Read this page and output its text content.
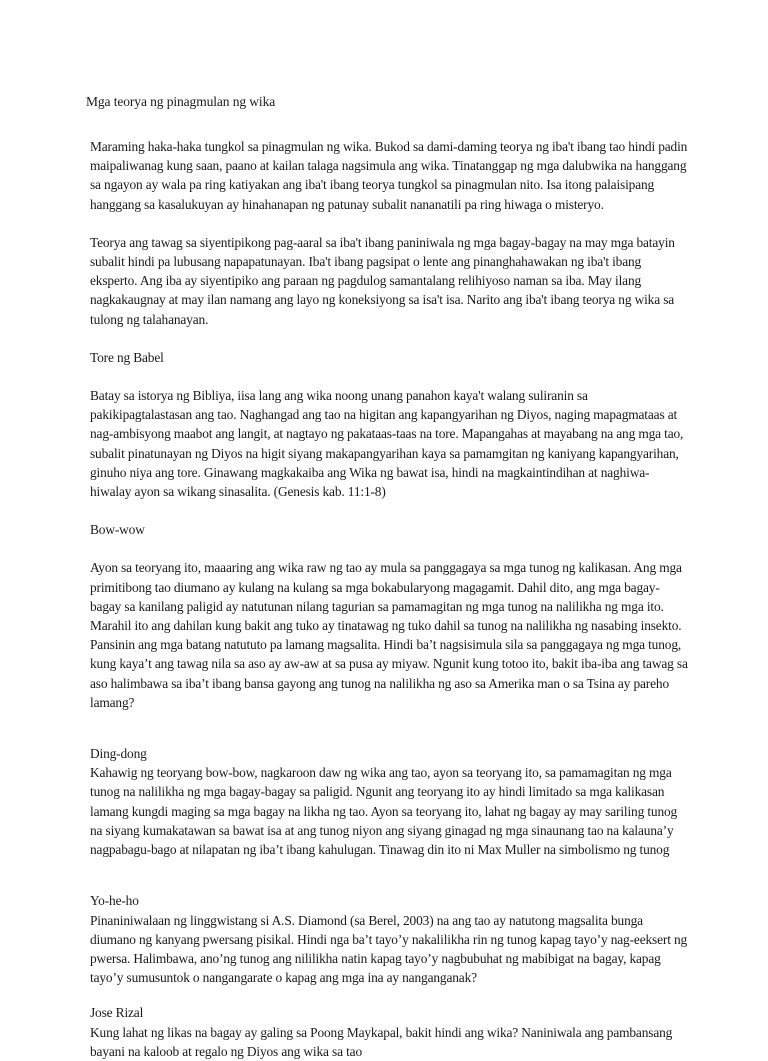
Mga teorya ng pinagmulan ng wika

Maraming haka-haka tungkol sa pinagmulan ng wika. Bukod sa dami-daming teorya ng iba't ibang tao hindi padin maipaliwanag kung saan, paano at kailan talaga nagsimula ang wika. Tinatanggap ng mga dalubwika na hanggang sa ngayon ay wala pa ring katiyakan ang iba't ibang teorya tungkol sa pinagmulan nito. Isa itong palaisipang hanggang sa kasalukuyan ay hinahanapan ng patunay subalit nananatili pa ring hiwaga o misteryo.

Teorya ang tawag sa siyentipikong pag-aaral sa iba't ibang paniniwala ng mga bagay-bagay na may mga batayin subalit hindi pa lubusang napapatunayan. Iba't ibang pagsipat o lente ang pinanghahawakan ng iba't ibang eksperto. Ang iba ay siyentipiko ang paraan ng pagdulog samantalang relihiyoso naman sa iba. May ilang nagkakaugnay at may ilan namang ang layo ng koneksiyong sa isa't isa. Narito ang iba't ibang teorya ng wika sa tulong ng talahanayan.

Tore ng Babel

Batay sa istorya ng Bibliya, iisa lang ang wika noong unang panahon kaya't walang suliranin sa pakikipagtalastasan ang tao. Naghangad ang tao na higitan ang kapangyarihan ng Diyos, naging mapagmataas at nag-ambisyong maabot ang langit, at nagtayo ng pakataas-taas na tore. Mapangahas at mayabang na ang mga tao, subalit pinatunayan ng Diyos na higit siyang makapangyarihan kaya sa pamamgitan ng kaniyang kapangyarihan, ginuho niya ang tore. Ginawang magkakaiba ang Wika ng bawat isa, hindi na magkaintindihan at naghiwa-hiwalay ayon sa wikang sinasalita. (Genesis kab. 11:1-8)

Bow-wow

Ayon sa teoryang ito, maaaring ang wika raw ng tao ay mula sa panggagaya sa mga tunog ng kalikasan. Ang mga primitibong tao diumano ay kulang na kulang sa mga bokabularyong magagamit. Dahil dito, ang mga bagay-bagay sa kanilang paligid ay natutunan nilang tagurian sa pamamagitan ng mga tunog na nalilikha ng mga ito. Marahil ito ang dahilan kung bakit ang tuko ay tinatawag ng tuko dahil sa tunog na nalilikha ng nasabing insekto. Pansinin ang mga batang natututo pa lamang magsalita. Hindi ba’t nagsisimula sila sa panggagaya ng mga tunog, kung kaya’t ang tawag nila sa aso ay aw-aw at sa pusa ay miyaw. Ngunit kung totoo ito, bakit iba-iba ang tawag sa aso halimbawa sa iba’t ibang bansa gayong ang tunog na nalilikha ng aso sa Amerika man o sa Tsina ay pareho lamang?

Ding-dong

Kahawig ng teoryang bow-bow, nagkaroon daw ng wika ang tao, ayon sa teoryang ito, sa pamamagitan ng mga tunog na nalilikha ng mga bagay-bagay sa paligid. Ngunit ang teoryang ito ay hindi limitado sa mga kalikasan lamang kungdi maging sa mga bagay na likha ng tao. Ayon sa teoryang ito, lahat ng bagay ay may sariling tunog na siyang kumakatawan sa bawat isa at ang tunog niyon ang siyang ginagad ng mga sinaunang tao na kalauna’y nagpabagu-bago at nilapatan ng iba’t ibang kahulugan. Tinawag din ito ni Max Muller na simbolismo ng tunog

Yo-he-ho

Pinaniniwalaan ng linggwistang si A.S. Diamond (sa Berel, 2003) na ang tao ay natutong magsalita bunga diumano ng kanyang pwersang pisikal. Hindi nga ba’t tayo’y nakalilikha rin ng tunog kapag tayo’y nag-eeksert ng pwersa. Halimbawa, ano’ng tunog ang nililikha natin kapag tayo’y nagbubuhat ng mabibigat na bagay, kapag tayo’y sumusuntok o nangangarate o kapag ang mga ina ay nanganganak?

Jose Rizal

Kung lahat ng likas na bagay ay galing sa Poong Maykapal, bakit hindi ang wika? Naniniwala ang pambansang bayani na kaloob at regalo ng Diyos ang wika sa tao
